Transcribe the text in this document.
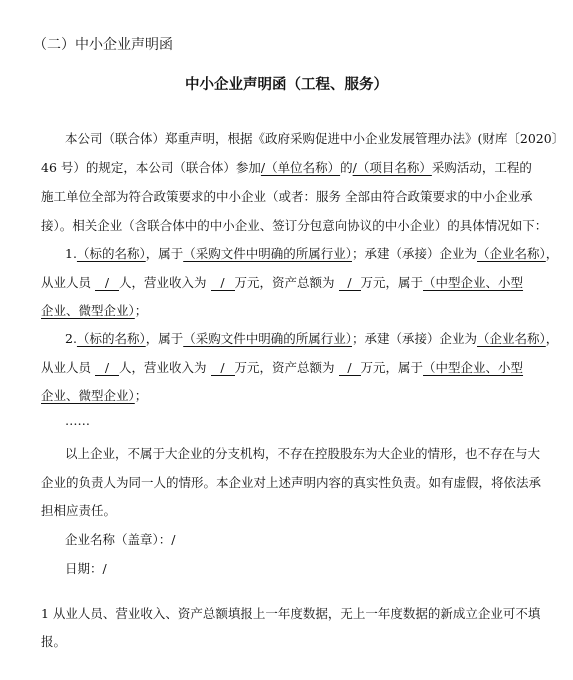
（二）中小企业声明函
中小企业声明函（工程、服务）
本公司（联合体）郑重声明，根据《政府采购促进中小企业发展管理办法》(财库〔2020〕
46 号）的规定，本公司（联合体）参加/（单位名称）的/（项目名称）采购活动，工程的
施工单位全部为符合政策要求的中小企业（或者：服务 全部由符合政策要求的中小企业承
接）。相关企业（含联合体中的中小企业、签订分包意向协议的中小企业）的具体情况如下：
1.（标的名称），属于（采购文件中明确的所属行业）；承建（承接）企业为（企业名称），
从业人员 / 人，营业收入为 / 万元，资产总额为 / 万元，属于（中型企业、小型
企业、微型企业）；
2.（标的名称），属于（采购文件中明确的所属行业）；承建（承接）企业为（企业名称），
从业人员 / 人，营业收入为 / 万元，资产总额为 / 万元，属于（中型企业、小型
企业、微型企业）；
……
以上企业，不属于大企业的分支机构，不存在控股股东为大企业的情形，也不存在与大
企业的负责人为同一人的情形。本企业对上述声明内容的真实性负责。如有虚假，将依法承
担相应责任。
企业名称（盖章）：/
日期：/
1 从业人员、营业收入、资产总额填报上一年度数据，无上一年度数据的新成立企业可不填
报。
